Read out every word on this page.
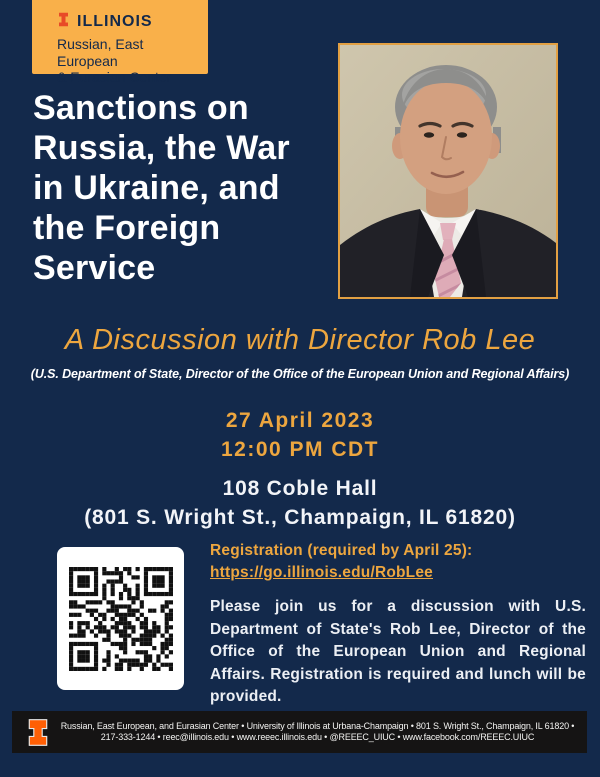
ILLINOIS
Russian, East European
& Eurasian Center
Sanctions on
Russia, the War
in Ukraine, and
the Foreign
Service
A Discussion with Director Rob Lee
(U.S. Department of State, Director of the Office of the European Union and Regional Affairs)
27 April 2023
12:00 PM CDT
108 Coble Hall
(801 S. Wright St., Champaign, IL 61820)
Registration (required by April 25):
https://go.illinois.edu/RobLee
Please join us for a discussion with U.S. Department of State's Rob Lee, Director of the Office of the European Union and Regional Affairs. Registration is required and lunch will be provided.
Russian, East European, and Eurasian Center • University of Illinois at Urbana-Champaign • 801 S. Wright St., Champaign, IL 61820 •
217-333-1244 • reec@illinois.edu • www.reeec.illinois.edu • @REEEC_UIUC • www.facebook.com/REEEC.UIUC
